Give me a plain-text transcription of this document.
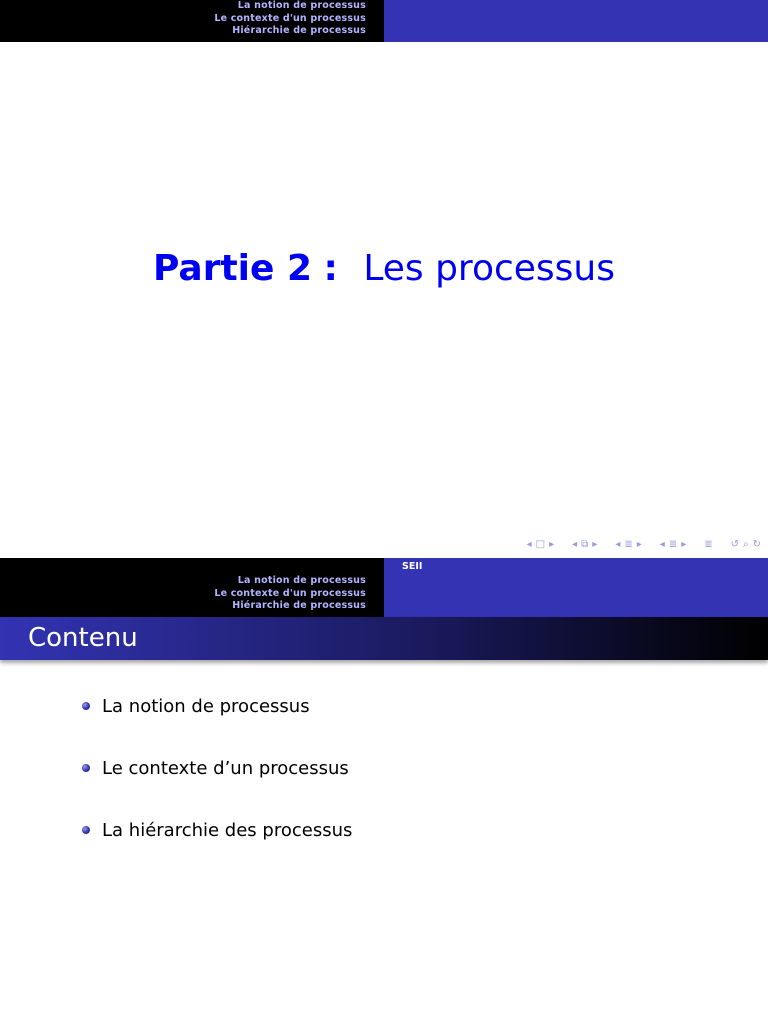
La notion de processus
Le contexte d'un processus
Hiérarchie de processus
Partie 2 : Les processus
◂ □ ▸ ◂ ⧉ ▸ ◂ ≣ ▸ ◂ ≣ ▸ ≣ ↺ ⌕ ↻
La notion de processus
Le contexte d'un processus
Hiérarchie de processus
SEII
Contenu
La notion de processus
Le contexte d’un processus
La hiérarchie des processus
